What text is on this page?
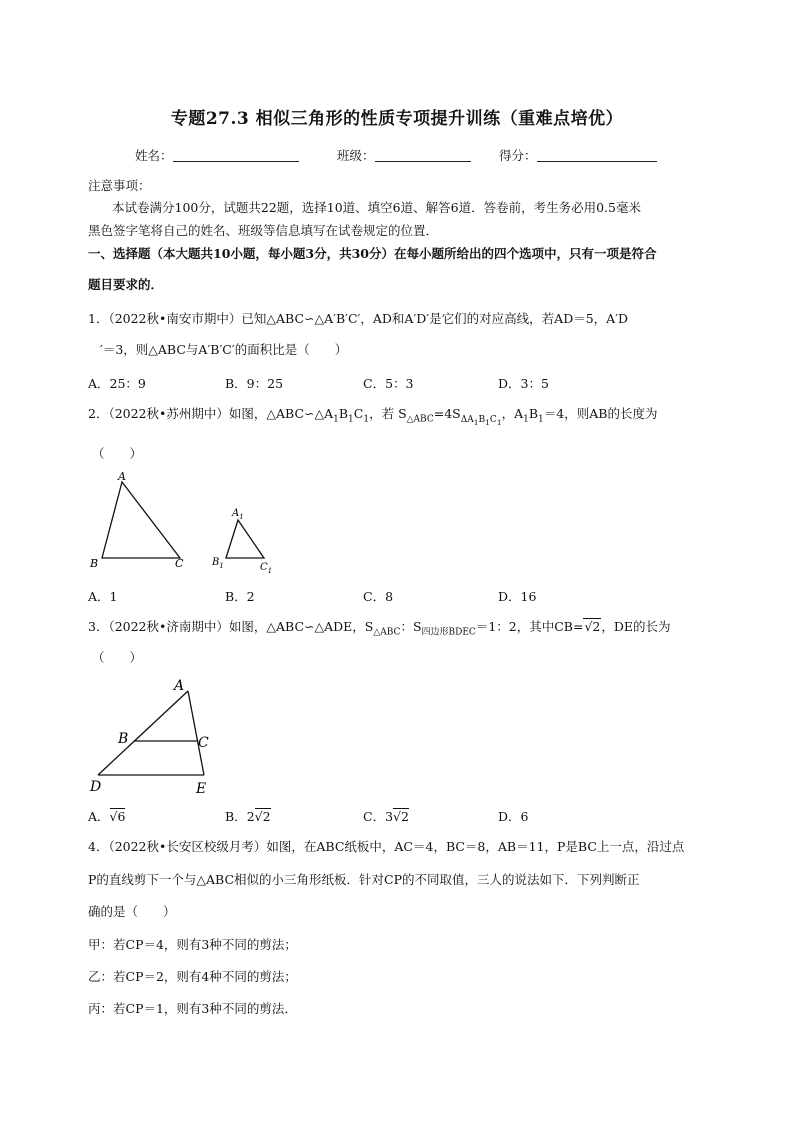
专题27.3 相似三角形的性质专项提升训练（重难点培优）
姓名：	班级：	得分：
注意事项：
本试卷满分100分，试题共22题，选择10道、填空6道、解答6道．答卷前，考生务必用0.5毫米
黑色签字笔将自己的姓名、班级等信息填写在试卷规定的位置．
一、选择题（本大题共10小题，每小题3分，共30分）在每小题所给出的四个选项中，只有一项是符合
题目要求的．
1．（2022秋•南安市期中）已知△ABC∽△A′B′C′，AD和A′D′是它们的对应高线，若AD＝5，A′D
′＝3，则△ABC与A′B′C′的面积比是（　　）
A．25：9	B．9：25	C．5：3	D．3：5
2．（2022秋•苏州期中）如图，$\triangle ABC∽\triangle A_1B_1C_1$，若 $S_{\triangle ABC}=4S_{\Delta A_1B_1C_1}$，$A_1B_1=4$，则AB的长度为
（　　）
A
B	C
$A_1$
$B_1$	$C_1$
A．1	B．2	C．8	D．16
3．（2022秋•济南期中）如图，△ABC∽△ADE，$S_{\triangle ABC}$：$S_{四边形BDEC}=1$：2，其中CB=√2，DE的长为
（　　）
A
B	C
D	E
A．√6	B．2√2	C．3√2	D．6
4．（2022秋•长安区校级月考）如图，在ABC纸板中，AC＝4，BC＝8，AB＝11，P是BC上一点，沿过点
P的直线剪下一个与△ABC相似的小三角形纸板．针对CP的不同取值，三人的说法如下．下列判断正
确的是（　　）
甲：若CP＝4，则有3种不同的剪法；
乙：若CP＝2，则有4种不同的剪法；
丙：若CP＝1，则有3种不同的剪法．
